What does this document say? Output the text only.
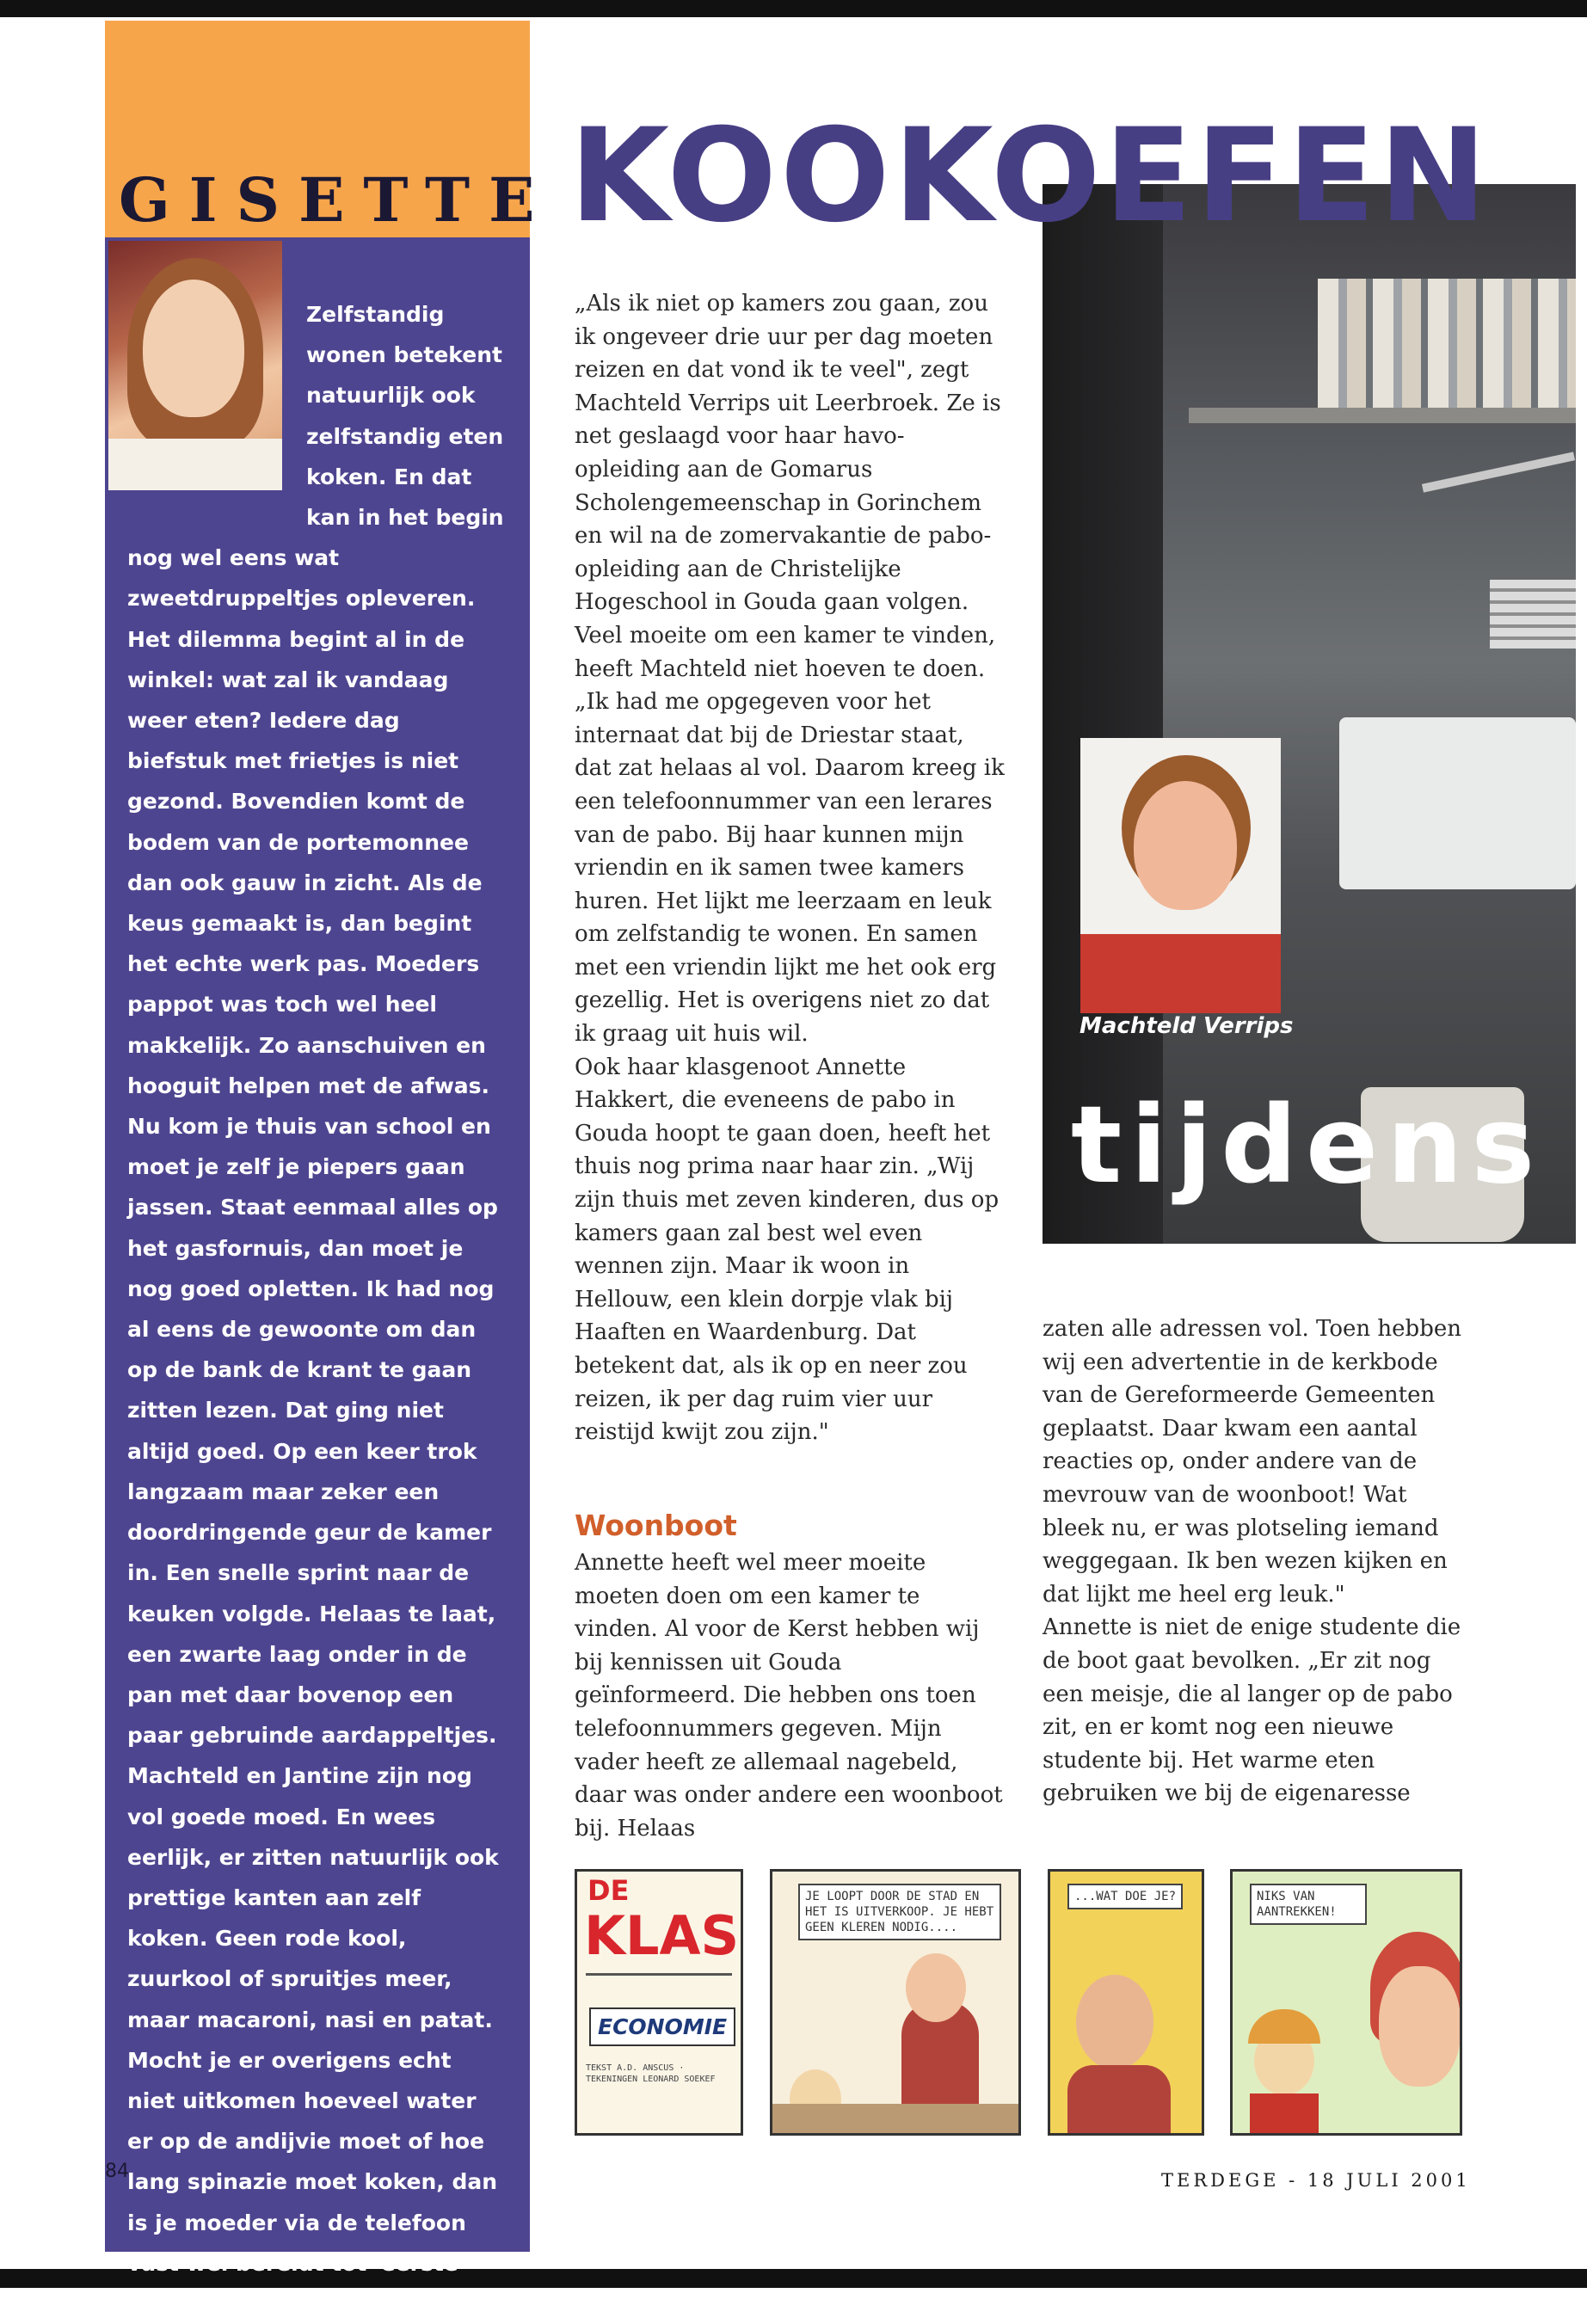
GISETTE

Zelfstandig wonen betekent natuurlijk ook zelfstandig eten koken. En dat kan in het begin nog wel eens wat zweetdruppeltjes opleveren. Het dilemma begint al in de winkel: wat zal ik vandaag weer eten? Iedere dag biefstuk met frietjes is niet gezond. Bovendien komt de bodem van de portemonnee dan ook gauw in zicht. Als de keus gemaakt is, dan begint het echte werk pas. Moeders pappot was toch wel heel makkelijk. Zo aanschuiven en hooguit helpen met de afwas. Nu kom je thuis van school en moet je zelf je piepers gaan jassen. Staat eenmaal alles op het gasfornuis, dan moet je nog goed opletten. Ik had nog al eens de gewoonte om dan op de bank de krant te gaan zitten lezen. Dat ging niet altijd goed. Op een keer trok langzaam maar zeker een doordringende geur de kamer in. Een snelle sprint naar de keuken volgde. Helaas te laat, een zwarte laag onder in de pan met daar bovenop een paar gebruinde aardappeltjes.

Machteld en Jantine zijn nog vol goede moed. En wees eerlijk, er zitten natuurlijk ook prettige kanten aan zelf koken. Geen rode kool, zuurkool of spruitjes meer, maar macaroni, nasi en patat. Mocht je er overigens echt niet uitkomen hoeveel water er op de andijvie moet of hoe lang spinazie moet koken, dan is je moeder via de telefoon vast wel bereidt tot 'eerste hulp'.

84
KOOKOEFEN
Machteld Verrips
tijdens

„Als ik niet op kamers zou gaan, zou ik ongeveer drie uur per dag moeten reizen en dat vond ik te veel", zegt Machteld Verrips uit Leerbroek. Ze is net geslaagd voor haar havo-opleiding aan de Gomarus Scholengemeenschap in Gorinchem en wil na de zomervakantie de pabo-opleiding aan de Christelijke Hogeschool in Gouda gaan volgen. Veel moeite om een kamer te vinden, heeft Machteld niet hoeven te doen. „Ik had me opgegeven voor het internaat dat bij de Driestar staat, dat zat helaas al vol. Daarom kreeg ik een telefoonnummer van een lerares van de pabo. Bij haar kunnen mijn vriendin en ik samen twee kamers huren. Het lijkt me leerzaam en leuk om zelfstandig te wonen. En samen met een vriendin lijkt me het ook erg gezellig. Het is overigens niet zo dat ik graag uit huis wil.

Ook haar klasgenoot Annette Hakkert, die eveneens de pabo in Gouda hoopt te gaan doen, heeft het thuis nog prima naar haar zin. „Wij zijn thuis met zeven kinderen, dus op kamers gaan zal best wel even wennen zijn. Maar ik woon in Hellouw, een klein dorpje vlak bij Haaften en Waardenburg. Dat betekent dat, als ik op en neer zou reizen, ik per dag ruim vier uur reistijd kwijt zou zijn."

Woonboot

Annette heeft wel meer moeite moeten doen om een kamer te vinden. Al voor de Kerst hebben wij bij kennissen uit Gouda geïnformeerd. Die hebben ons toen telefoonnummers gegeven. Mijn vader heeft ze allemaal nagebeld, daar was onder andere een woonboot bij. Helaas

zaten alle adressen vol. Toen hebben wij een advertentie in de kerkbode van de Gereformeerde Gemeenten geplaatst. Daar kwam een aantal reacties op, onder andere van de mevrouw van de woonboot! Wat bleek nu, er was plotseling iemand weggegaan. Ik ben wezen kijken en dat lijkt me heel erg leuk."

Annette is niet de enige studente die de boot gaat bevolken. „Er zit nog een meisje, die al langer op de pabo zit, en er komt nog een nieuwe studente bij. Het warme eten gebruiken we bij de eigenaresse

DE
KLAS
ECONOMIE
TEKST A.D. ANSCUS · TEKENINGEN LEONARD SOEKEF
JE LOOPT DOOR DE STAD EN HET IS UITVERKOOP. JE HEBT GEEN KLEREN NODIG....
...WAT DOE JE?	NIKS VAN AANTREKKEN!
TERDEGE - 18 JULI 2001
